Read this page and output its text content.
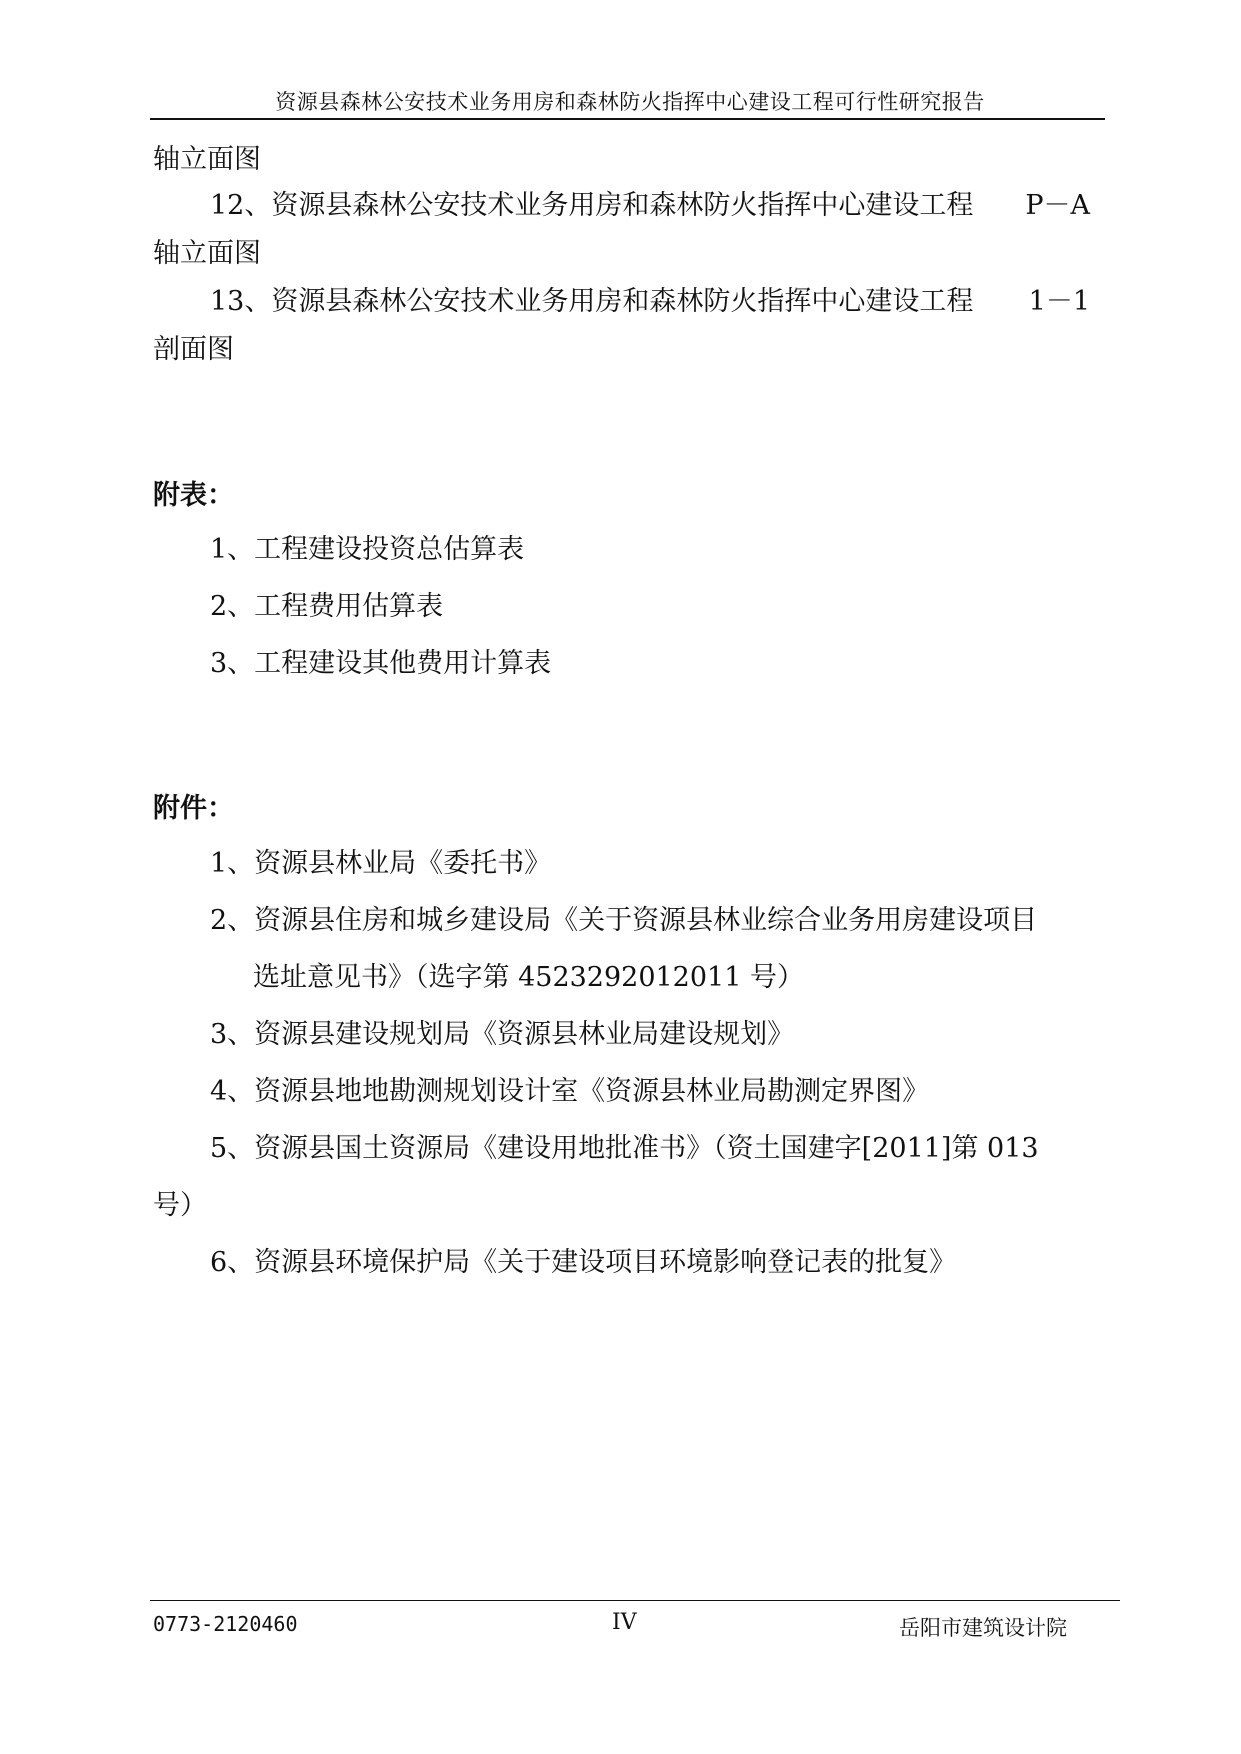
资源县森林公安技术业务用房和森林防火指挥中心建设工程可行性研究报告
轴立面图
12、资源县森林公安技术业务用房和森林防火指挥中心建设工程 P－A
轴立面图
13、资源县森林公安技术业务用房和森林防火指挥中心建设工程 1－1
剖面图
附表：
1、工程建设投资总估算表
2、工程费用估算表
3、工程建设其他费用计算表
附件：
1、资源县林业局《委托书》
2、资源县住房和城乡建设局《关于资源县林业综合业务用房建设项目
选址意见书》（选字第 4523292012011 号）
3、资源县建设规划局《资源县林业局建设规划》
4、资源县地地勘测规划设计室《资源县林业局勘测定界图》
5、资源县国土资源局《建设用地批准书》（资土国建字[2011]第 013
号）
6、资源县环境保护局《关于建设项目环境影响登记表的批复》
0773-2120460	IV	岳阳市建筑设计院
